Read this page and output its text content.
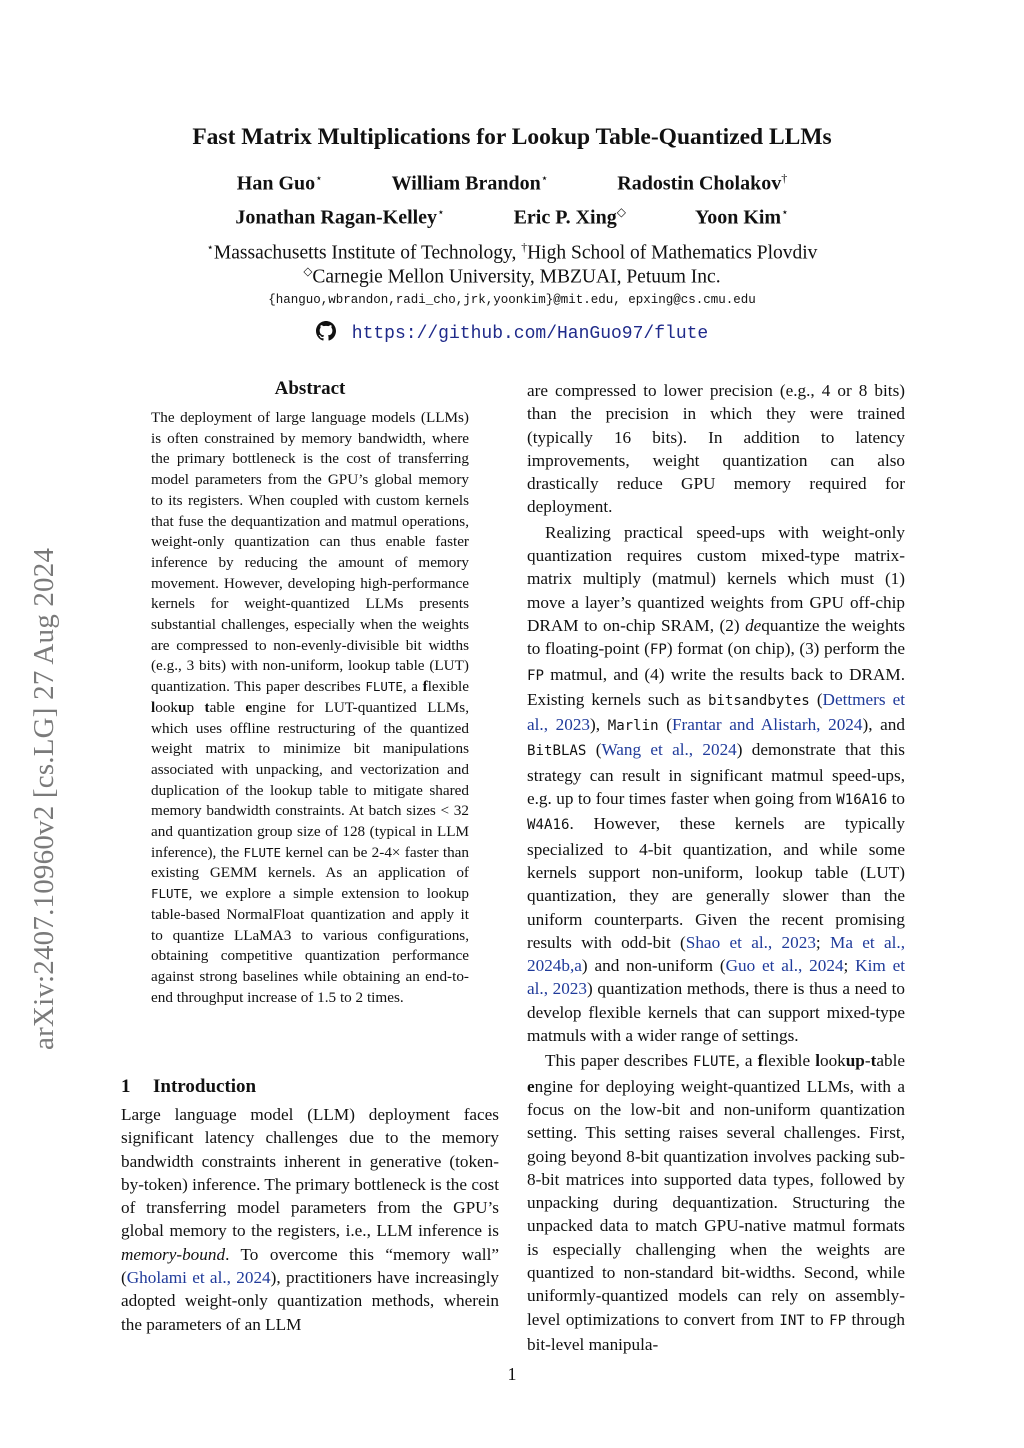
Fast Matrix Multiplications for Lookup Table-Quantized LLMs
Han Guo⋆	William Brandon⋆	Radostin Cholakov†
Jonathan Ragan-Kelley⋆	Eric P. Xing◇	Yoon Kim⋆
⋆Massachusetts Institute of Technology, †High School of Mathematics Plovdiv
◇Carnegie Mellon University, MBZUAI, Petuum Inc.
{hanguo,wbrandon,radi_cho,jrk,yoonkim}@mit.edu, epxing@cs.cmu.edu
https://github.com/HanGuo97/flute
arXiv:2407.10960v2 [cs.LG] 27 Aug 2024
Abstract

The deployment of large language models (LLMs) is often constrained by memory bandwidth, where the primary bottleneck is the cost of transferring model parameters from the GPU’s global memory to its registers. When coupled with custom kernels that fuse the dequantization and matmul operations, weight-only quantization can thus enable faster inference by reducing the amount of memory movement. However, developing high-performance kernels for weight-quantized LLMs presents substantial challenges, especially when the weights are compressed to non-evenly-divisible bit widths (e.g., 3 bits) with non-uniform, lookup table (LUT) quantization. This paper describes FLUTE, a flexible lookup table engine for LUT-quantized LLMs, which uses offline restructuring of the quantized weight matrix to minimize bit manipulations associated with unpacking, and vectorization and duplication of the lookup table to mitigate shared memory bandwidth constraints. At batch sizes < 32 and quantization group size of 128 (typical in LLM inference), the FLUTE kernel can be 2-4× faster than existing GEMM kernels. As an application of FLUTE, we explore a simple extension to lookup table-based NormalFloat quantization and apply it to quantize LLaMA3 to various configurations, obtaining competitive quantization performance against strong baselines while obtaining an end-to-end throughput increase of 1.5 to 2 times.

1 Introduction

Large language model (LLM) deployment faces significant latency challenges due to the memory bandwidth constraints inherent in generative (token-by-token) inference. The primary bottleneck is the cost of transferring model parameters from the GPU’s global memory to the registers, i.e., LLM inference is memory-bound. To overcome this “memory wall” (Gholami et al., 2024), practitioners have increasingly adopted weight-only quantization methods, wherein the parameters of an LLM

are compressed to lower precision (e.g., 4 or 8 bits) than the precision in which they were trained (typically 16 bits). In addition to latency improvements, weight quantization can also drastically reduce GPU memory required for deployment.

Realizing practical speed-ups with weight-only quantization requires custom mixed-type matrix-matrix multiply (matmul) kernels which must (1) move a layer’s quantized weights from GPU off-chip DRAM to on-chip SRAM, (2) dequantize the weights to floating-point (FP) format (on chip), (3) perform the FP matmul, and (4) write the results back to DRAM. Existing kernels such as bitsandbytes (Dettmers et al., 2023), Marlin (Frantar and Alistarh, 2024), and BitBLAS (Wang et al., 2024) demonstrate that this strategy can result in significant matmul speed-ups, e.g. up to four times faster when going from W16A16 to W4A16. However, these kernels are typically specialized to 4-bit quantization, and while some kernels support non-uniform, lookup table (LUT) quantization, they are generally slower than the uniform counterparts. Given the recent promising results with odd-bit (Shao et al., 2023; Ma et al., 2024b,a) and non-uniform (Guo et al., 2024; Kim et al., 2023) quantization methods, there is thus a need to develop flexible kernels that can support mixed-type matmuls with a wider range of settings.

This paper describes FLUTE, a flexible lookup-table engine for deploying weight-quantized LLMs, with a focus on the low-bit and non-uniform quantization setting. This setting raises several challenges. First, going beyond 8-bit quantization involves packing sub-8-bit matrices into supported data types, followed by unpacking during dequantization. Structuring the unpacked data to match GPU-native matmul formats is especially challenging when the weights are quantized to non-standard bit-widths. Second, while uniformly-quantized models can rely on assembly-level optimizations to convert from INT to FP through bit-level manipula-

1
